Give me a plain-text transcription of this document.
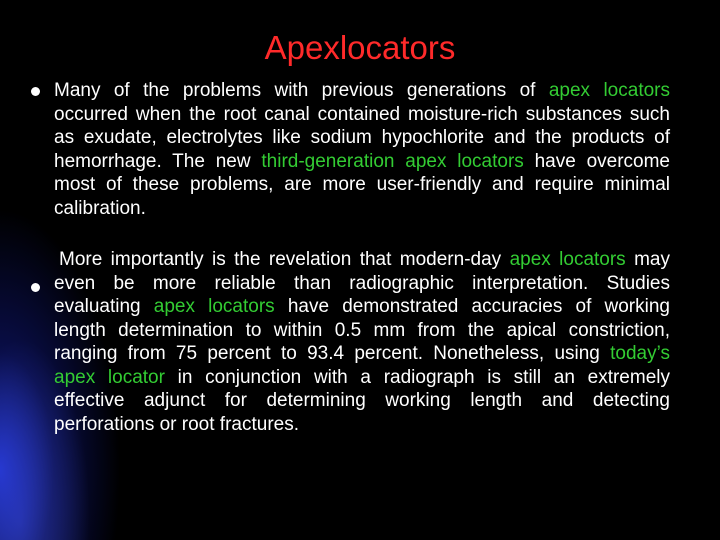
Apexlocators

Many of the problems with previous generations of apex locators occurred when the root canal contained moisture-rich substances such as exudate, electrolytes like sodium hypochlorite and the products of hemorrhage. The new third-generation apex locators have overcome most of these problems, are more user-friendly and require minimal calibration.

More importantly is the revelation that modern-day apex locators may even be more reliable than radiographic interpretation. Studies evaluating apex locators have demonstrated accuracies of working length determination to within 0.5 mm from the apical constriction, ranging from 75 percent to 93.4 percent. Nonetheless, using today’s apex locator in conjunction with a radiograph is still an extremely effective adjunct for determining working length and detecting perforations or root fractures.
